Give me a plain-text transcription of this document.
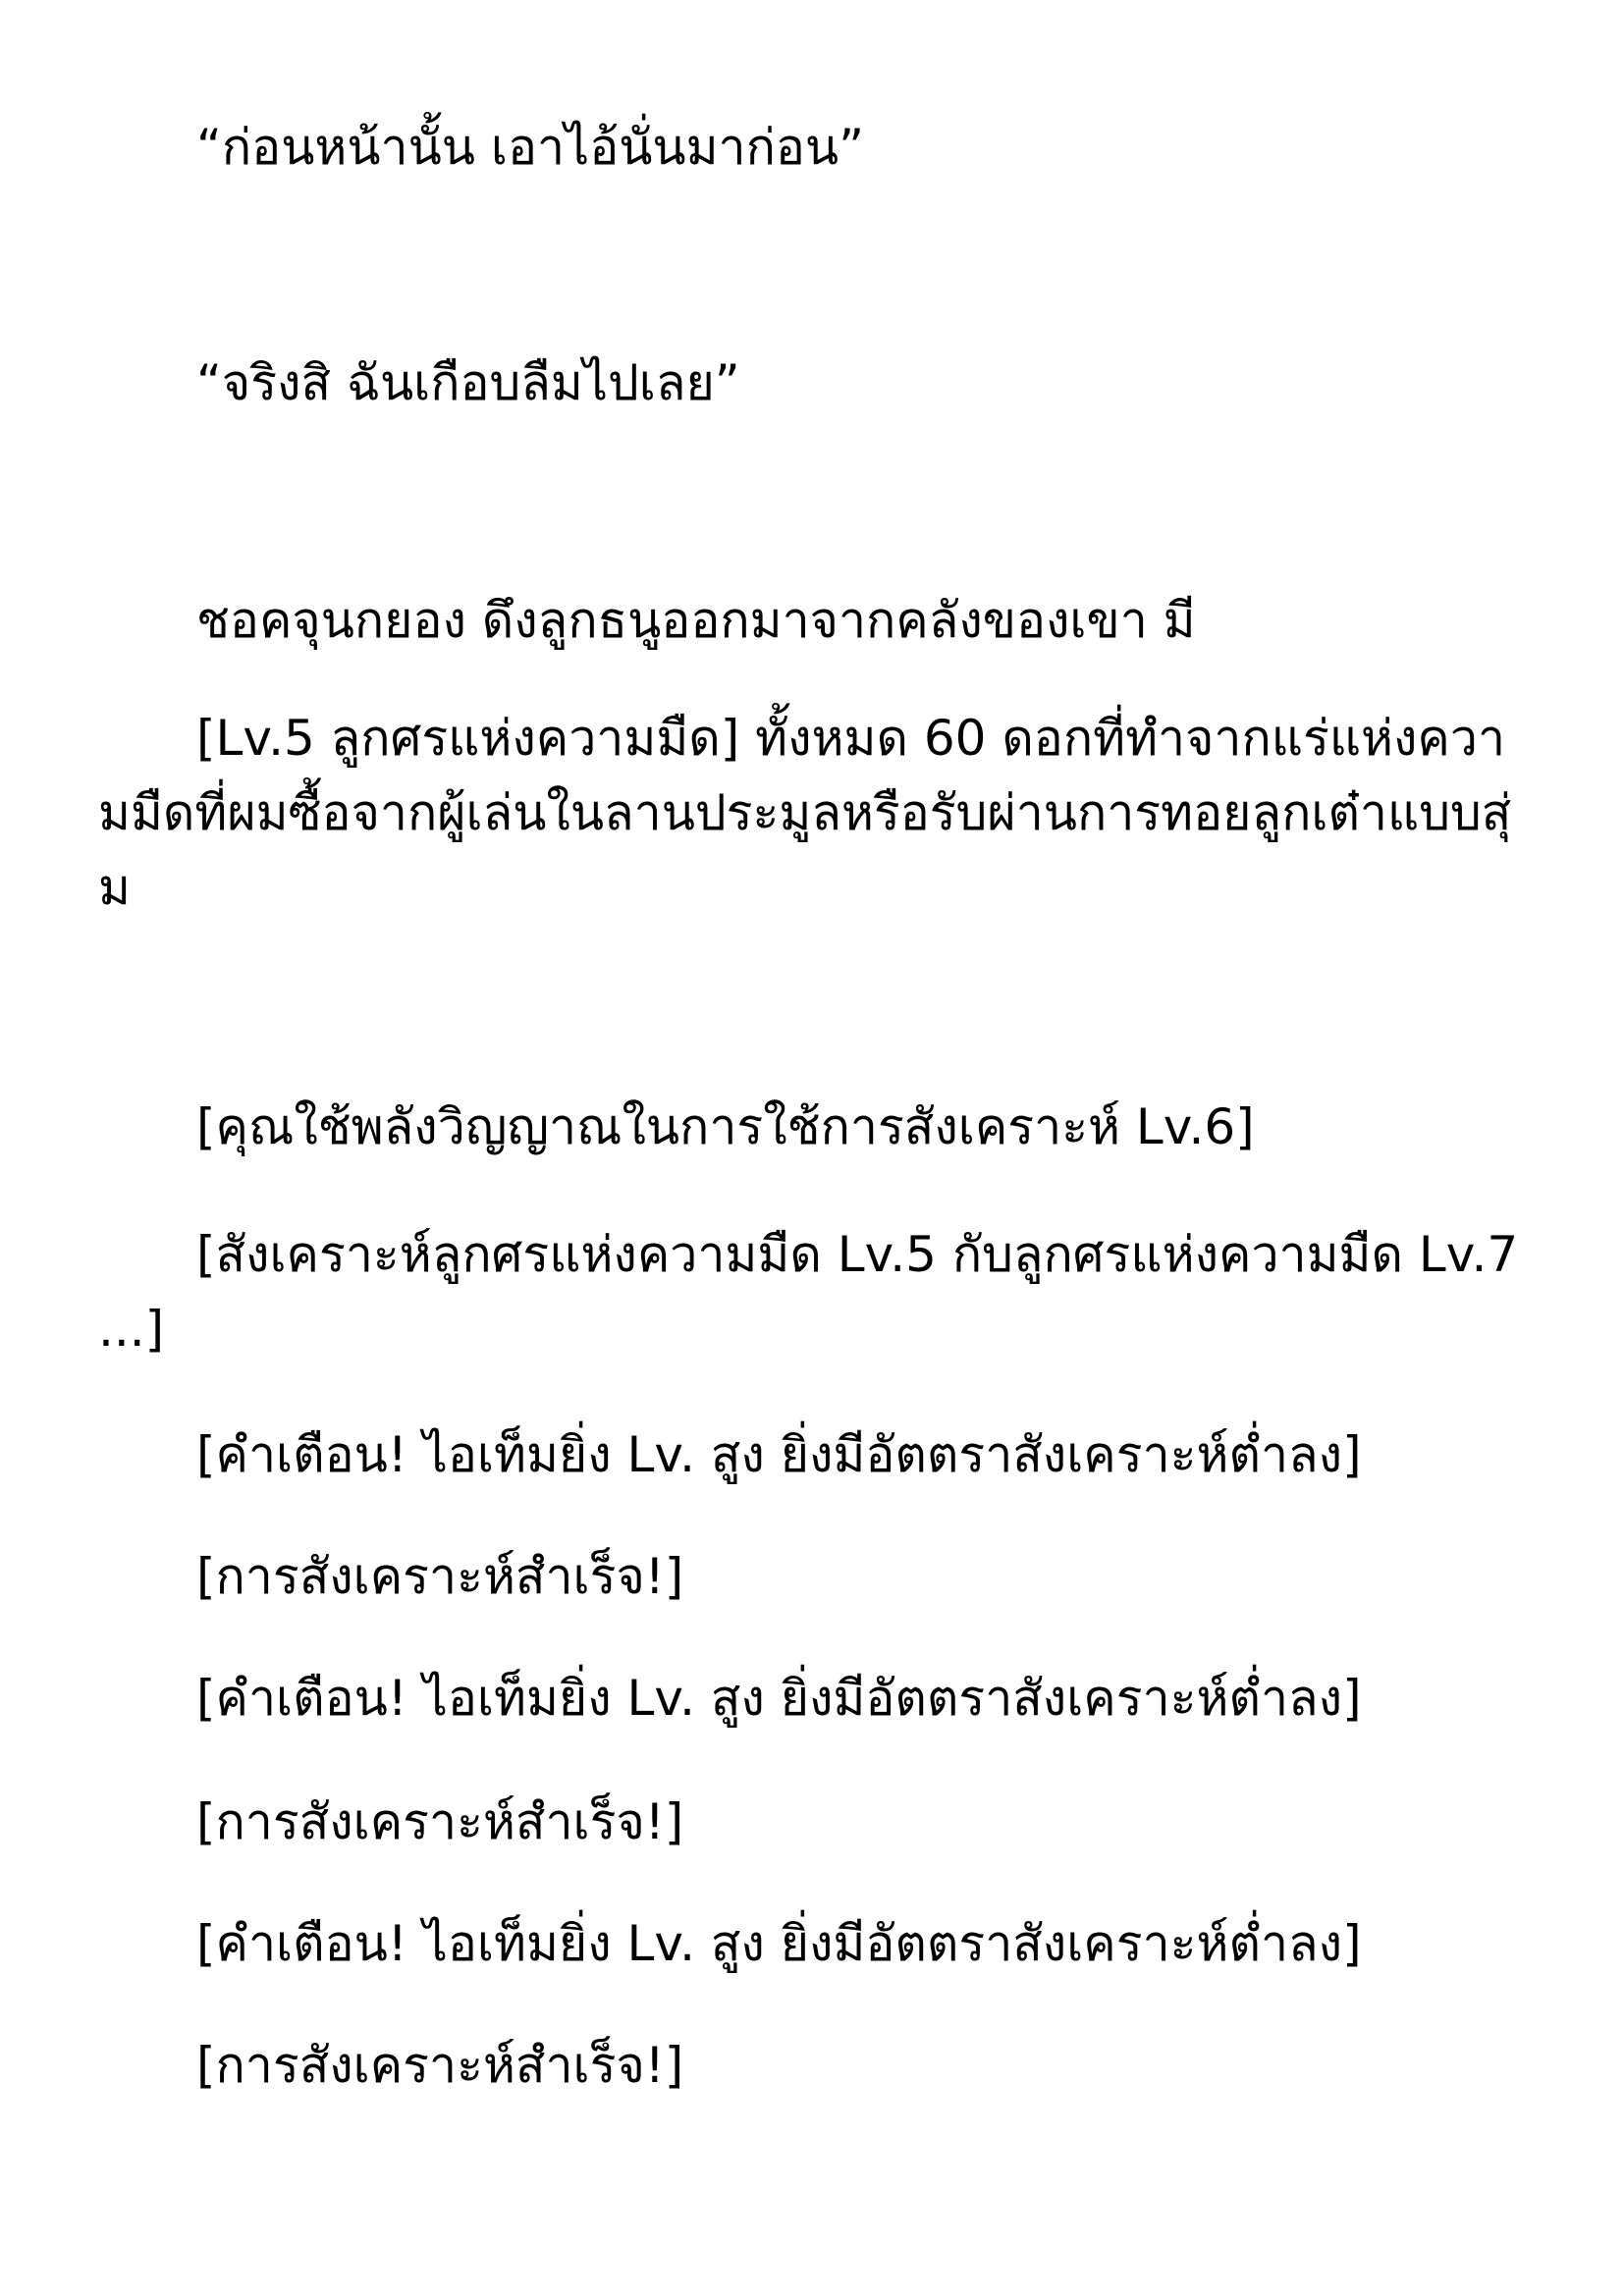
“ก่อนหน้านั้น เอาไอ้นั่นมาก่อน”

“จริงสิ ฉันเกือบลืมไปเลย”

ชอคจุนกยอง ดึงลูกธนูออกมาจากคลังของเขา มี

[Lv.5 ลูกศรแห่งความมืด] ทั้งหมด 60 ดอกที่ทำจากแร่แห่งความมืดที่ผมซื้อจากผู้เล่นในลานประมูลหรือรับผ่านการทอยลูกเต๋าแบบสุ่ม

[คุณใช้พลังวิญญาณในการใช้การสังเคราะห์ Lv.6]

[สังเคราะห์ลูกศรแห่งความมืด Lv.5 กับลูกศรแห่งความมืด Lv.7 ...]

[คำเตือน! ไอเท็มยิ่ง Lv. สูง ยิ่งมีอัตตราสังเคราะห์ต่ำลง]

[การสังเคราะห์สำเร็จ!]

[คำเตือน! ไอเท็มยิ่ง Lv. สูง ยิ่งมีอัตตราสังเคราะห์ต่ำลง]

[การสังเคราะห์สำเร็จ!]

[คำเตือน! ไอเท็มยิ่ง Lv. สูง ยิ่งมีอัตตราสังเคราะห์ต่ำลง]

[การสังเคราะห์สำเร็จ!]
